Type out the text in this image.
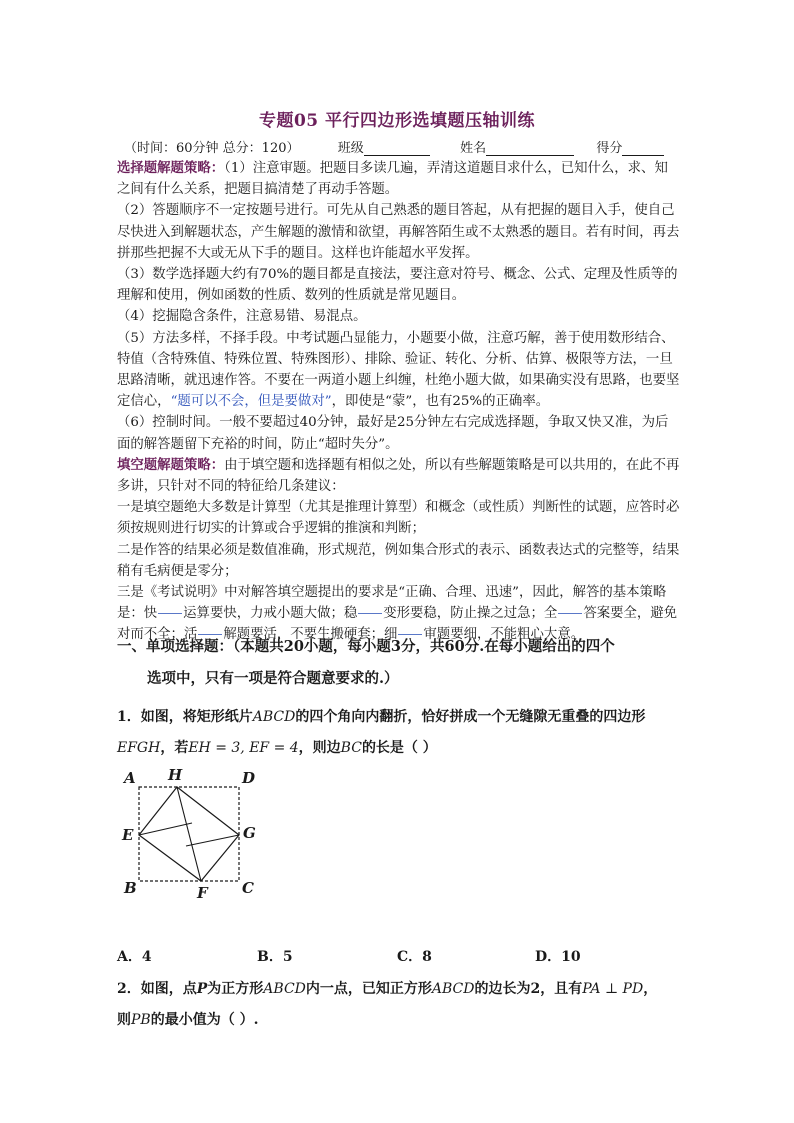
专题05 平行四边形选填题压轴训练
（时间：60分钟 总分：120）	班级	姓名	得分

选择题解题策略：（1）注意审题。把题目多读几遍，弄清这道题目求什么，已知什么，求、知之间有什么关系，把题目搞清楚了再动手答题。

（2）答题顺序不一定按题号进行。可先从自己熟悉的题目答起，从有把握的题目入手，使自己尽快进入到解题状态，产生解题的激情和欲望，再解答陌生或不太熟悉的题目。若有时间，再去拼那些把握不大或无从下手的题目。这样也许能超水平发挥。

（3）数学选择题大约有70%的题目都是直接法，要注意对符号、概念、公式、定理及性质等的理解和使用，例如函数的性质、数列的性质就是常见题目。

（4）挖掘隐含条件，注意易错、易混点。

（5）方法多样，不择手段。中考试题凸显能力，小题要小做，注意巧解，善于使用数形结合、特值（含特殊值、特殊位置、特殊图形）、排除、验证、转化、分析、估算、极限等方法，一旦思路清晰，就迅速作答。不要在一两道小题上纠缠，杜绝小题大做，如果确实没有思路，也要坚定信心，“题可以不会，但是要做对”，即使是“蒙”，也有25%的正确率。

（6）控制时间。一般不要超过40分钟，最好是25分钟左右完成选择题，争取又快又准，为后面的解答题留下充裕的时间，防止“超时失分”。

填空题解题策略：由于填空题和选择题有相似之处，所以有些解题策略是可以共用的，在此不再多讲，只针对不同的特征给几条建议：

一是填空题绝大多数是计算型（尤其是推理计算型）和概念（或性质）判断性的试题，应答时必须按规则进行切实的计算或合乎逻辑的推演和判断；

二是作答的结果必须是数值准确，形式规范，例如集合形式的表示、函数表达式的完整等，结果稍有毛病便是零分；

三是《考试说明》中对解答填空题提出的要求是“正确、合理、迅速”，因此，解答的基本策略是：快 运算要快，力戒小题大做；稳 变形要稳，防止操之过急；全 答案要全，避免对而不全；活 解题要活，不要生搬硬套；细 审题要细，不能粗心大意。

一、单项选择题：（本题共20小题，每小题3分，共60分.在每小题给出的四个
选项中，只有一项是符合题意要求的.）
1．如图，将矩形纸片ABCD的四个角向内翻折，恰好拼成一个无缝隙无重叠的四边形
EFGH，若EH = 3, EF = 4，则边BC的长是（ ）
A H	D
E	G
B	F C
A．4	B．5	C．8	D．10
2．如图，点P为正方形ABCD内一点，已知正方形ABCD的边长为2，且有PA ⊥ PD，
则PB的最小值为（ ）.
